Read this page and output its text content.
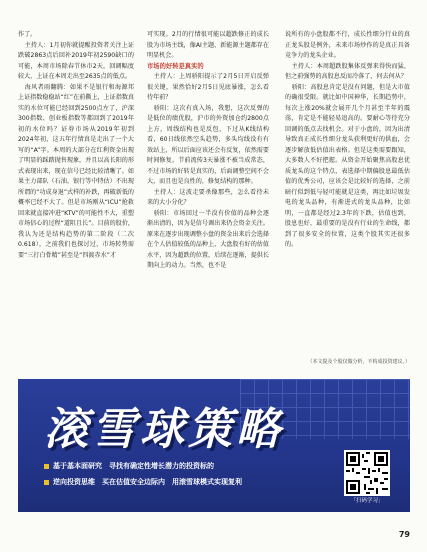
作了。

主持人：1月初你就提醒投资者关注上证跌破2863点后回补2019年初2590缺口的可能，本周市场除春节休市2天，回调幅度较大，上证在本周走出至2635点的低点。

海风者雨翻腾：如果不是银行和海源邦上证指数稳稳站“红”在前撕上，上证指数真实的水位可能已经回到2500点左了，沪深300指数、创业板指数等都回到了2019年初的水位吗？证券市场从2019年初到2024年初，这五年行情真是走出了一个大写的“A”字。本周的大部分在红利资金出现了明显的踩踏抛售现象，并且以高长阳的形式表现出来，现在信号已经比较清晰了。如果主力部队（石油、银行等中特估）不出现所谓的“功成身退”式样的补跌，再破新低的概率已经不大了。但是市场刚从“ICU”抢救回来就直接冲进“KTV”的可能性不大，重塑市场信心的过程“道阻且长”。目前的股价，我认为还是结构趋势的第二阶段（二次0.618），之前我们也探讨过，市场转势需要“三打白骨精”甚至是“四渡赤水”才

可实现。2月的行情很可能以超跌修正的成长股为市场主线，像AI主题、新能源主题都存在明显机会。

市场的好转是真实的

主持人：上周骄阳提示了2月5日开启反弹很关键，果然恰好2月5日见底暴涨，怎么看待年前？

骄阳：这次有真入场，我想，这次反弹的是低位的绩优股，沪市的外资加仓约2800点上方，周线结构也是反包，下过从K线结构看，60日线依然空头趋势，多头均线没有有效站上，所以后面应该还会有反复，依然需要时间修复。节前流传3天暴涨不被当成常态，不过市场的好转是真实的，后面调整空间不会大，而且也是良性的，修复结构的那种。

主持人：这波走要杀像那些，怎么看待未来的大小分化？

骄阳：市场回过一半没有价值的品种会逐渐出清的，因为是信号调出来仍会资金关注。原来在逐步出现调整小盘的资金出来后会选择在个人估值较低的品种上，大盘股有好的估值水平，因为超跌的位置，后续在逐渐，提供长期向上的动力。当然，也不是

说所有的小盘股都不行，成长性细分行业的真正龙头股是例外，未来市场炒作的是真正具备竞争力的龙头企业。

主持人：本周超跌股集体反弹来得快而猛，但之前强势的高股息反而冷落了，何去何从？

骄阳：高股息肯定是没有问题，但是大市值的确很受限。就比如中国神华，长期趋势中，每次上涨20%就会展开几个月甚至半年的震荡，肯定是不能轻易追高的。要耐心等待充分回调的低点去找机会。对于小盘的，因为出清导致真正成长性细分龙头获利更好的供血，会逐步解放低估值出表格。但是这类需要跟知，大多数人不好把握。从资金开始聚焦高股息优质龙头的这个特点，表选择中期偏股息最低估值的优秀公司，应该会是比较好的选择，之前暗行似到低与轻可能就是这类，再比如垃圾发电的龙头品种，有渐进式的龙头品种，比如明，一直都是经过2.3年的下跌，估值也到，股息也好，最重要的是没有行业的生命线，都到了很多安全的位置，这类个股其实还很多的。

（本文提及个股仅做分析，不构成投资建议。）
滚雪球策略
基于基本面研究　寻找有确定性增长潜力的投资标的
逆向投资思维　买在估值安全边际内　用滚雪球模式实现复利
「扫码学习」
79
